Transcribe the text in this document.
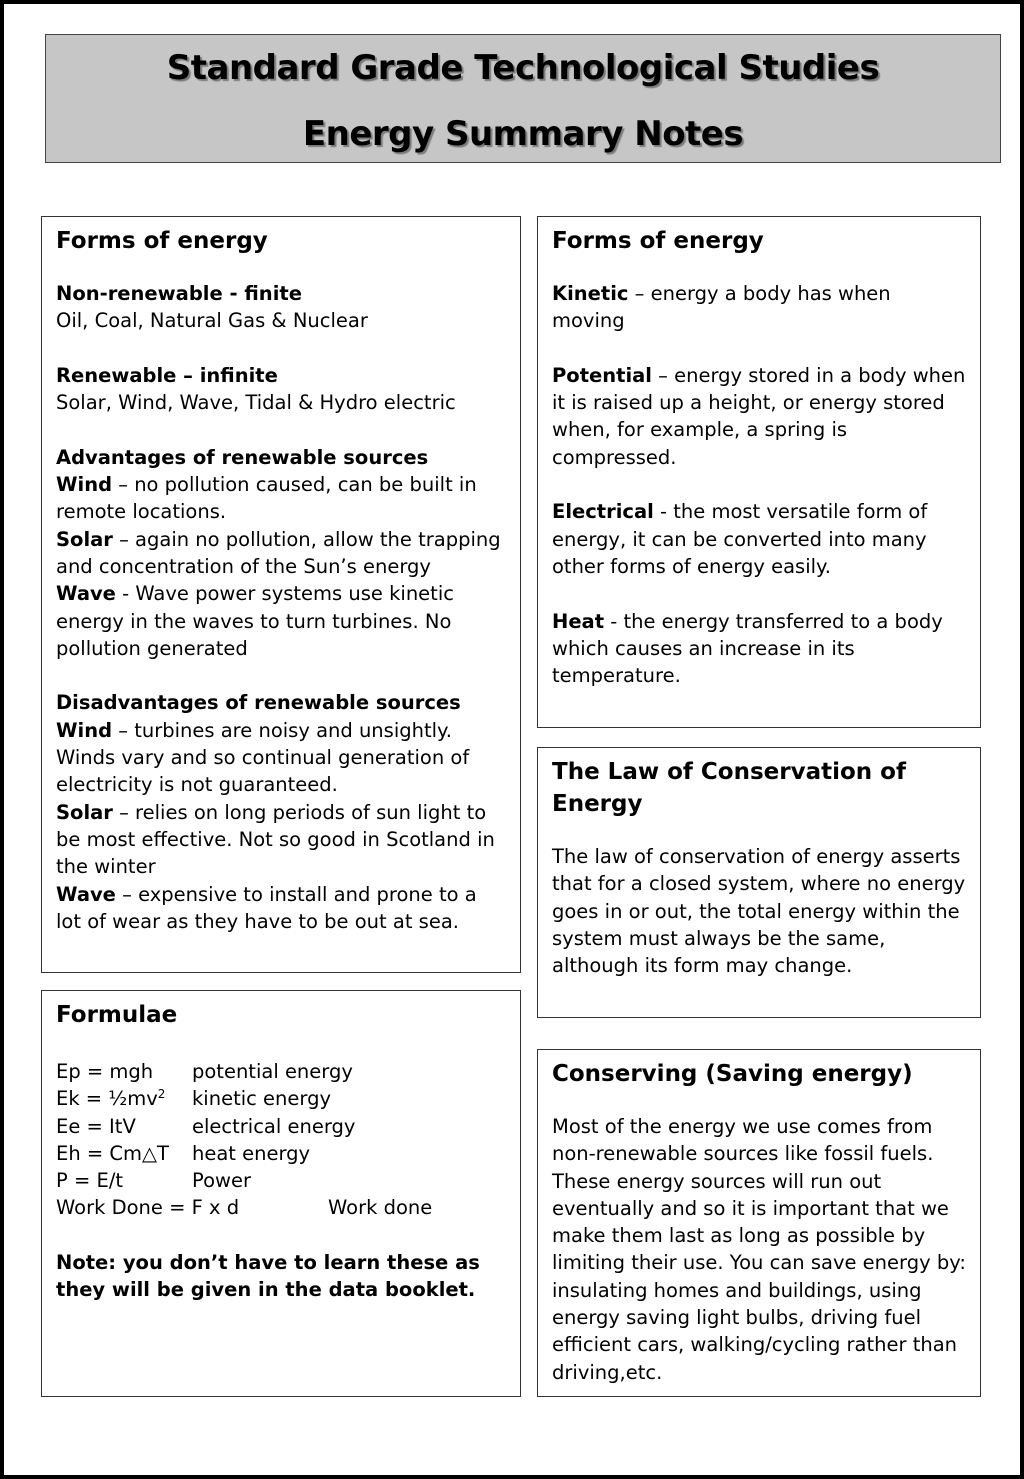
Standard Grade Technological Studies
Energy Summary Notes
Forms of energy
Non-renewable - finite
Oil, Coal, Natural Gas & Nuclear
Renewable – infinite
Solar, Wind, Wave, Tidal & Hydro electric
Advantages of renewable sources
Wind – no pollution caused, can be built in remote locations.
Solar – again no pollution, allow the trapping and concentration of the Sun’s energy
Wave - Wave power systems use kinetic energy in the waves to turn turbines. No pollution generated
Disadvantages of renewable sources
Wind – turbines are noisy and unsightly. Winds vary and so continual generation of electricity is not guaranteed.
Solar – relies on long periods of sun light to be most effective. Not so good in Scotland in the winter
Wave – expensive to install and prone to a lot of wear as they have to be out at sea.
Forms of energy
Kinetic – energy a body has when moving
Potential – energy stored in a body when it is raised up a height, or energy stored when, for example, a spring is compressed.
Electrical - the most versatile form of energy, it can be converted into many other forms of energy easily.
Heat - the energy transferred to a body which causes an increase in its temperature.
The Law of Conservation of Energy
The law of conservation of energy asserts that for a closed system, where no energy goes in or out, the total energy within the system must always be the same, although its form may change.
Formulae
Ep = mgh	potential energy
$Ek = \frac{1}{2}mv^2$	kinetic energy
Ee = ItV	electrical energy
Eh = Cm△T	heat energy
P = E/t	Power
Work Done = F x d	Work done
Note: you don’t have to learn these as they will be given in the data booklet.
Conserving (Saving energy)
Most of the energy we use comes from non-renewable sources like fossil fuels. These energy sources will run out eventually and so it is important that we make them last as long as possible by limiting their use. You can save energy by: insulating homes and buildings, using energy saving light bulbs, driving fuel efficient cars, walking/cycling rather than driving,etc.
